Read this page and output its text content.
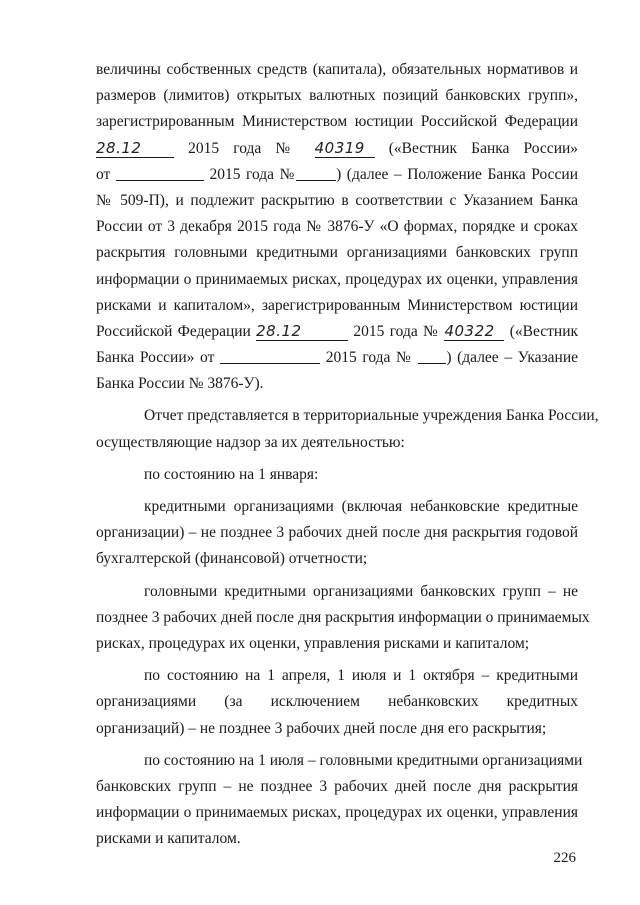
величины собственных средств (капитала), обязательных нормативов и
размеров (лимитов) открытых валютных позиций банковских групп»,
зарегистрированным Министерством юстиции Российской Федерации
28.12	2015 года № 40319 («Вестник Банка России»
от	2015 года №	) (далее – Положение Банка России
№ 509-П), и подлежит раскрытию в соответствии с Указанием Банка
России от 3 декабря 2015 года № 3876-У «О формах, порядке и сроках
раскрытия головными кредитными организациями банковских групп
информации о принимаемых рисках, процедурах их оценки, управления
рисками и капиталом», зарегистрированным Министерством юстиции
Российской Федерации 28.12	2015 года № 40322 («Вестник
Банка России» от	2015 года № ) (далее – Указание
Банка России № 3876-У).
Отчет представляется в территориальные учреждения Банка России,
осуществляющие надзор за их деятельностью:
по состоянию на 1 января:
кредитными организациями (включая небанковские кредитные
организации) – не позднее 3 рабочих дней после дня раскрытия годовой
бухгалтерской (финансовой) отчетности;
головными кредитными организациями банковских групп – не
позднее 3 рабочих дней после дня раскрытия информации о принимаемых
рисках, процедурах их оценки, управления рисками и капиталом;
по состоянию на 1 апреля, 1 июля и 1 октября – кредитными
организациями (за исключением небанковских кредитных
организаций) – не позднее 3 рабочих дней после дня его раскрытия;
по состоянию на 1 июля – головными кредитными организациями
банковских групп – не позднее 3 рабочих дней после дня раскрытия
информации о принимаемых рисках, процедурах их оценки, управления
рисками и капиталом.
226
